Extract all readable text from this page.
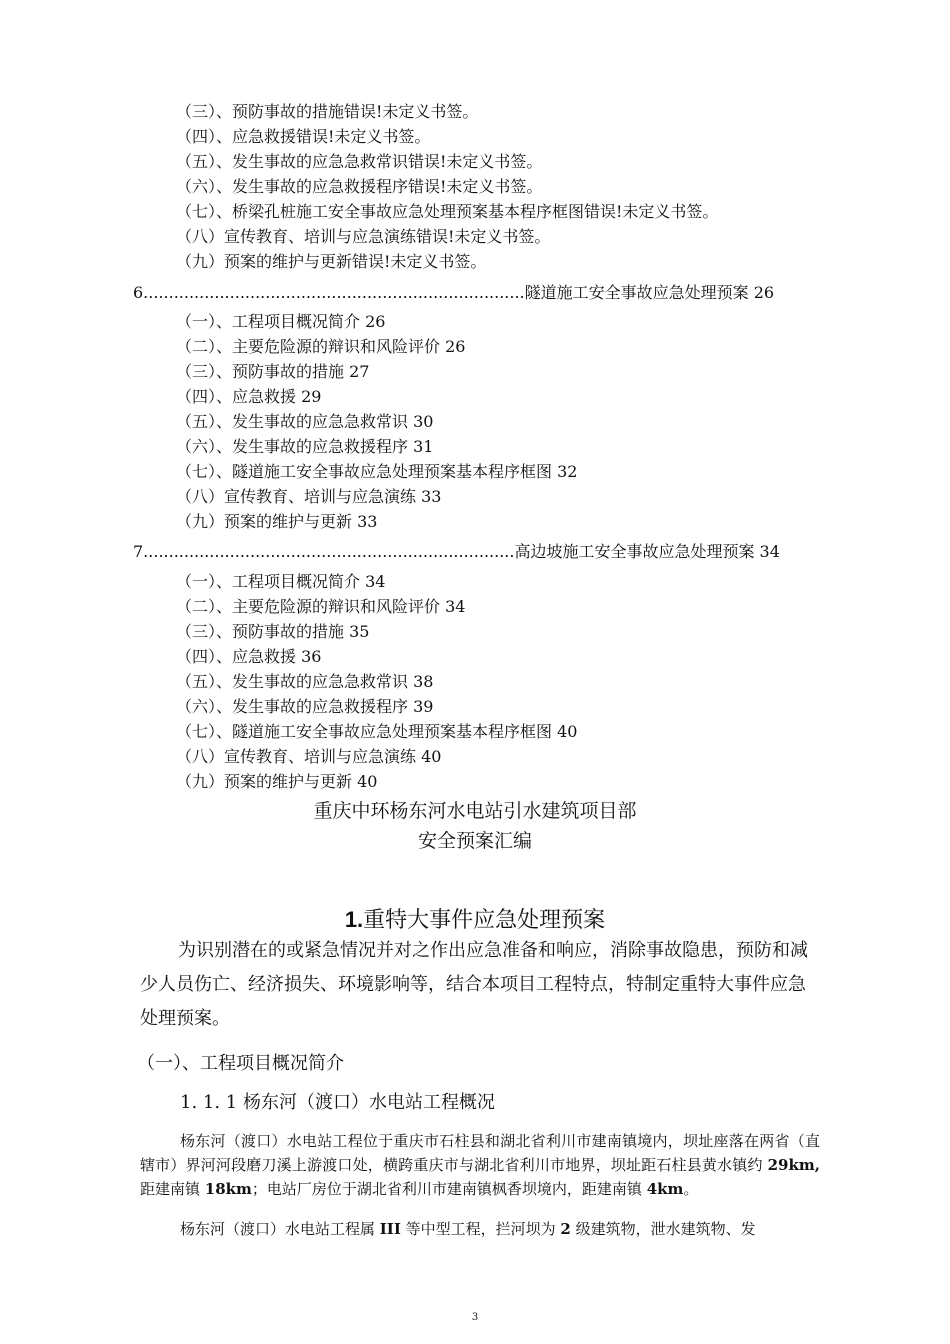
（三）、预防事故的措施错误!未定义书签。
（四）、应急救援错误!未定义书签。
（五）、发生事故的应急急救常识错误!未定义书签。
（六）、发生事故的应急救援程序错误!未定义书签。
（七）、桥梁孔桩施工安全事故应急处理预案基本程序框图错误!未定义书签。
（八）宣传教育、培训与应急演练错误!未定义书签。
（九）预案的维护与更新错误!未定义书签。
6...........................................................................隧道施工安全事故应急处理预案 26
（一）、工程项目概况简介 26
（二）、主要危险源的辩识和风险评价 26
（三）、预防事故的措施 27
（四）、应急救援 29
（五）、发生事故的应急急救常识 30
（六）、发生事故的应急救援程序 31
（七）、隧道施工安全事故应急处理预案基本程序框图 32
（八）宣传教育、培训与应急演练 33
（九）预案的维护与更新 33
7.........................................................................高边坡施工安全事故应急处理预案 34
（一）、工程项目概况简介 34
（二）、主要危险源的辩识和风险评价 34
（三）、预防事故的措施 35
（四）、应急救援 36
（五）、发生事故的应急急救常识 38
（六）、发生事故的应急救援程序 39
（七）、隧道施工安全事故应急处理预案基本程序框图 40
（八）宣传教育、培训与应急演练 40
（九）预案的维护与更新 40
重庆中环杨东河水电站引水建筑项目部
安全预案汇编
1.重特大事件应急处理预案
为识别潜在的或紧急情况并对之作出应急准备和响应，消除事故隐患，预防和减少人员伤亡、经济损失、环境影响等，结合本项目工程特点，特制定重特大事件应急处理预案。
（一）、工程项目概况简介
1. 1. 1 杨东河（渡口）水电站工程概况
杨东河（渡口）水电站工程位于重庆市石柱县和湖北省利川市建南镇境内，坝址座落在两省（直辖市）界河河段磨刀溪上游渡口处，横跨重庆市与湖北省利川市地界，坝址距石柱县黄水镇约 29km,距建南镇 18km；电站厂房位于湖北省利川市建南镇枫香坝境内，距建南镇 4km。
杨东河（渡口）水电站工程属 III 等中型工程，拦河坝为 2 级建筑物，泄水建筑物、发
3
